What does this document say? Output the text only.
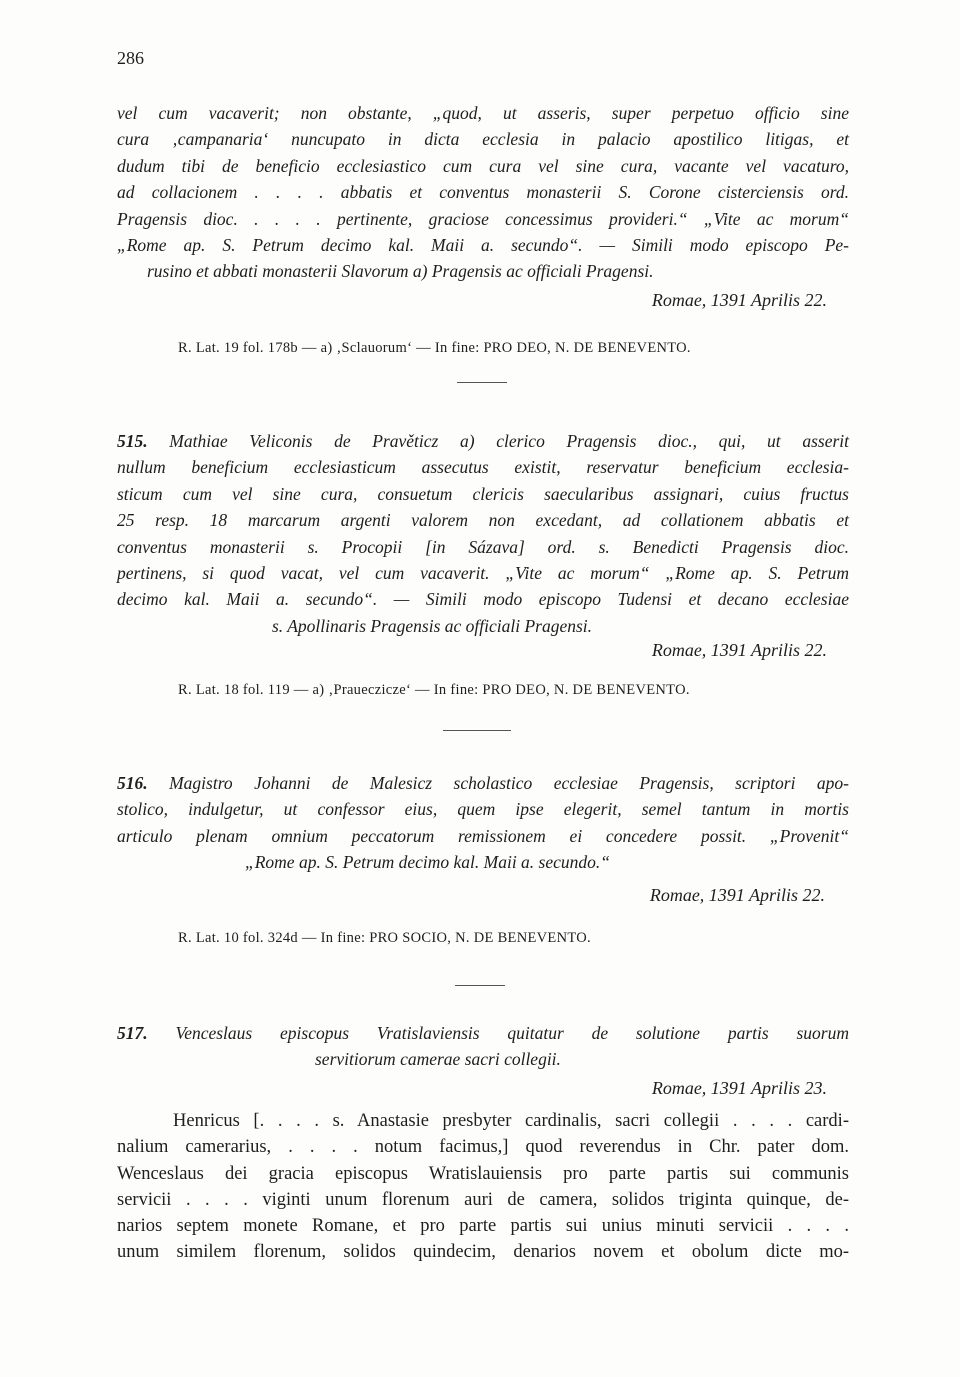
286
vel cum vacaverit; non obstante, „quod, ut asseris, super perpetuo officio sine
cura ‚campanaria‘ nuncupato in dicta ecclesia in palacio apostilico litigas, et
dudum tibi de beneficio ecclesiastico cum cura vel sine cura, vacante vel vacaturo,
ad collacionem . . . . abbatis et conventus monasterii S. Corone cisterciensis ord.
Pragensis dioc. . . . . pertinente, graciose concessimus provideri.“ „Vite ac morum“
„Rome ap. S. Petrum decimo kal. Maii a. secundo“. — Simili modo episcopo Pe-
rusino et abbati monasterii Slavorum a) Pragensis ac officiali Pragensi.
Romae, 1391 Aprilis 22.
R. Lat. 19 fol. 178b — a) ‚Sclauorum‘ — In fine: PRO DEO, N. DE BENEVENTO.
515. Mathiae Veliconis de Pravěticz a) clerico Pragensis dioc., qui, ut asserit
nullum beneficium ecclesiasticum assecutus existit, reservatur beneficium ecclesia-
sticum cum vel sine cura, consuetum clericis saecularibus assignari, cuius fructus
25 resp. 18 marcarum argenti valorem non excedant, ad collationem abbatis et
conventus monasterii s. Procopii [in Sázava] ord. s. Benedicti Pragensis dioc.
pertinens, si quod vacat, vel cum vacaverit. „Vite ac morum“ „Rome ap. S. Petrum
decimo kal. Maii a. secundo“. — Simili modo episcopo Tudensi et decano ecclesiae
s. Apollinaris Pragensis ac officiali Pragensi.
Romae, 1391 Aprilis 22.
R. Lat. 18 fol. 119 — a) ‚Praueczicze‘ — In fine: PRO DEO, N. DE BENEVENTO.
516. Magistro Johanni de Malesicz scholastico ecclesiae Pragensis, scriptori apo-
stolico, indulgetur, ut confessor eius, quem ipse elegerit, semel tantum in mortis
articulo plenam omnium peccatorum remissionem ei concedere possit. „Provenit“
„Rome ap. S. Petrum decimo kal. Maii a. secundo.“
Romae, 1391 Aprilis 22.
R. Lat. 10 fol. 324d — In fine: PRO SOCIO, N. DE BENEVENTO.
517. Venceslaus episcopus Vratislaviensis quitatur de solutione partis suorum
servitiorum camerae sacri collegii.
Romae, 1391 Aprilis 23.
Henricus [. . . . s. Anastasie presbyter cardinalis, sacri collegii . . . . cardi-
nalium camerarius, . . . . notum facimus,] quod reverendus in Chr. pater dom.
Wenceslaus dei gracia episcopus Wratislauiensis pro parte partis sui communis
servicii . . . . viginti unum florenum auri de camera, solidos triginta quinque, de-
narios septem monete Romane, et pro parte partis sui unius minuti servicii . . . .
unum similem florenum, solidos quindecim, denarios novem et obolum dicte mo-
